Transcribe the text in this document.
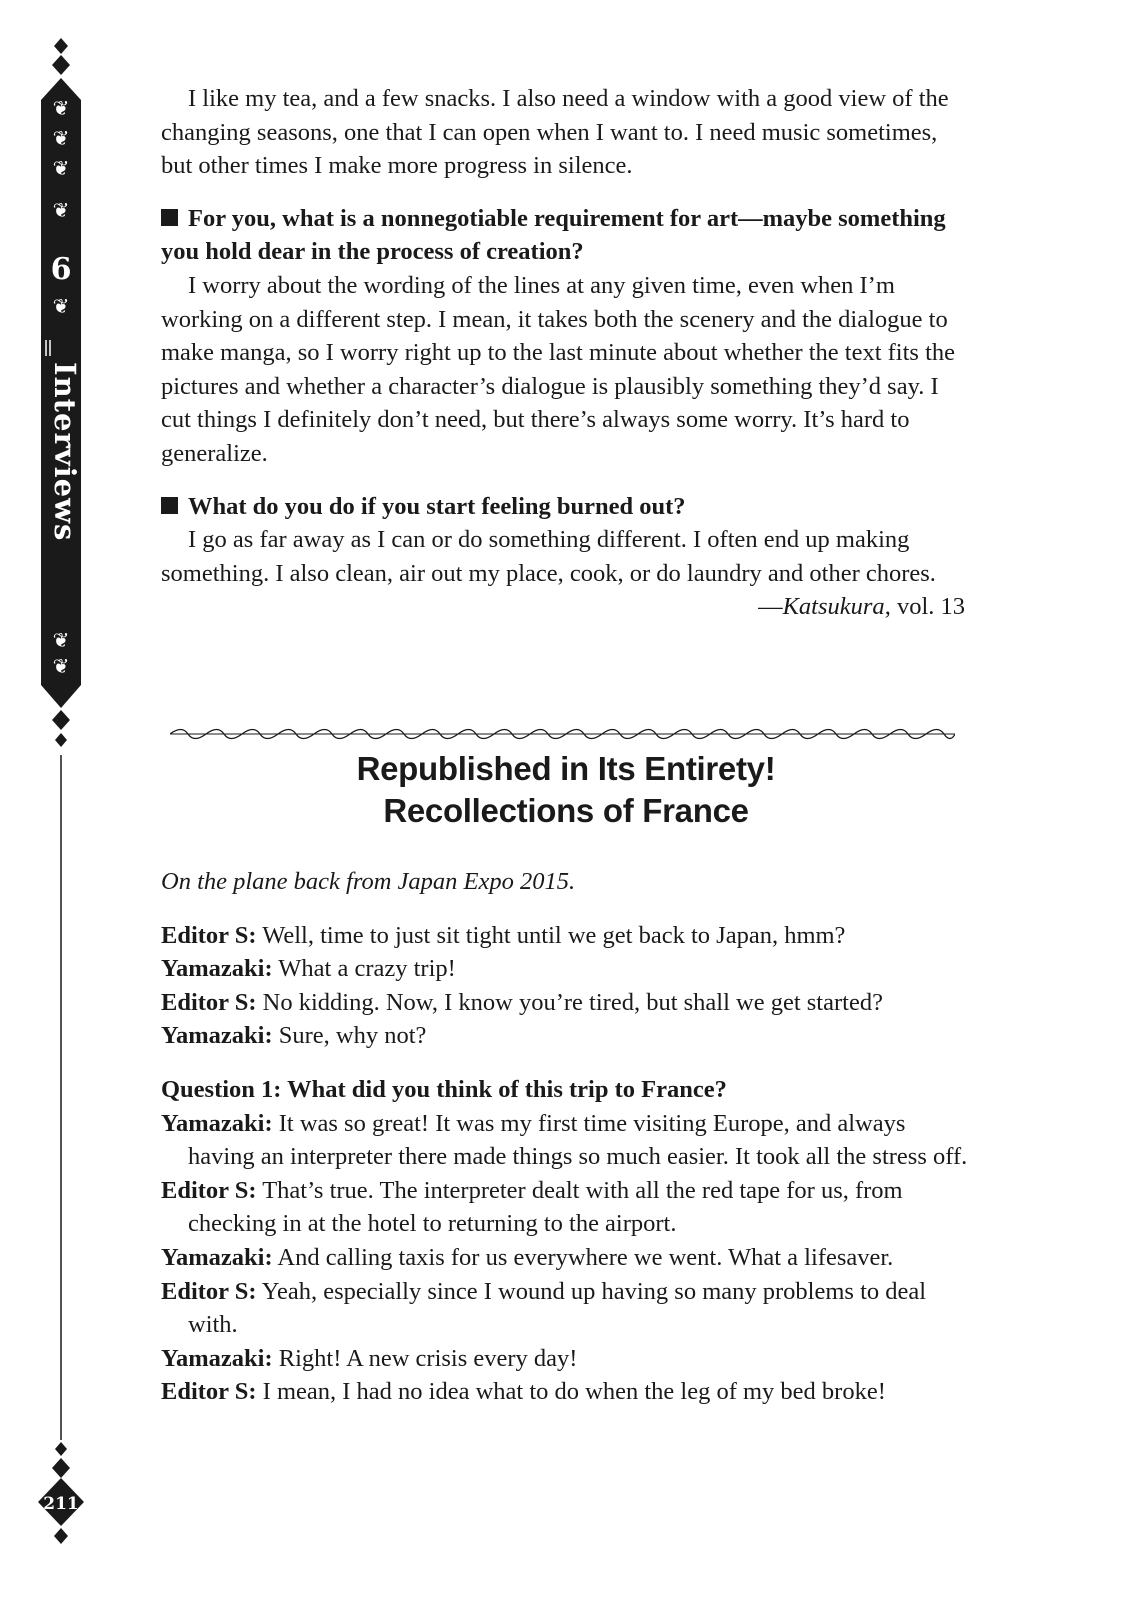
❦
❦
❦
❦
6
❦
Interviews
❦
❦
211

I like my tea, and a few snacks. I also need a window with a good view of the changing seasons, one that I can open when I want to. I need music sometimes, but other times I make more progress in silence.

For you, what is a nonnegotiable requirement for art—maybe something you hold dear in the process of creation?

I worry about the wording of the lines at any given time, even when I’m working on a different step. I mean, it takes both the scenery and the dialogue to make manga, so I worry right up to the last minute about whether the text fits the pictures and whether a character’s dialogue is plausibly something they’d say. I cut things I definitely don’t need, but there’s always some worry. It’s hard to generalize.

What do you do if you start feeling burned out?

I go as far away as I can or do something different. I often end up making something. I also clean, air out my place, cook, or do laundry and other chores.

—Katsukura, vol. 13
Republished in Its Entirety!
Recollections of France

On the plane back from Japan Expo 2015.

Editor S: Well, time to just sit tight until we get back to Japan, hmm?

Yamazaki: What a crazy trip!

Editor S: No kidding. Now, I know you’re tired, but shall we get started?

Yamazaki: Sure, why not?

Question 1: What did you think of this trip to France?

Yamazaki: It was so great! It was my first time visiting Europe, and always having an interpreter there made things so much easier. It took all the stress off.

Editor S: That’s true. The interpreter dealt with all the red tape for us, from checking in at the hotel to returning to the airport.

Yamazaki: And calling taxis for us everywhere we went. What a lifesaver.

Editor S: Yeah, especially since I wound up having so many problems to deal with.

Yamazaki: Right! A new crisis every day!

Editor S: I mean, I had no idea what to do when the leg of my bed broke!
